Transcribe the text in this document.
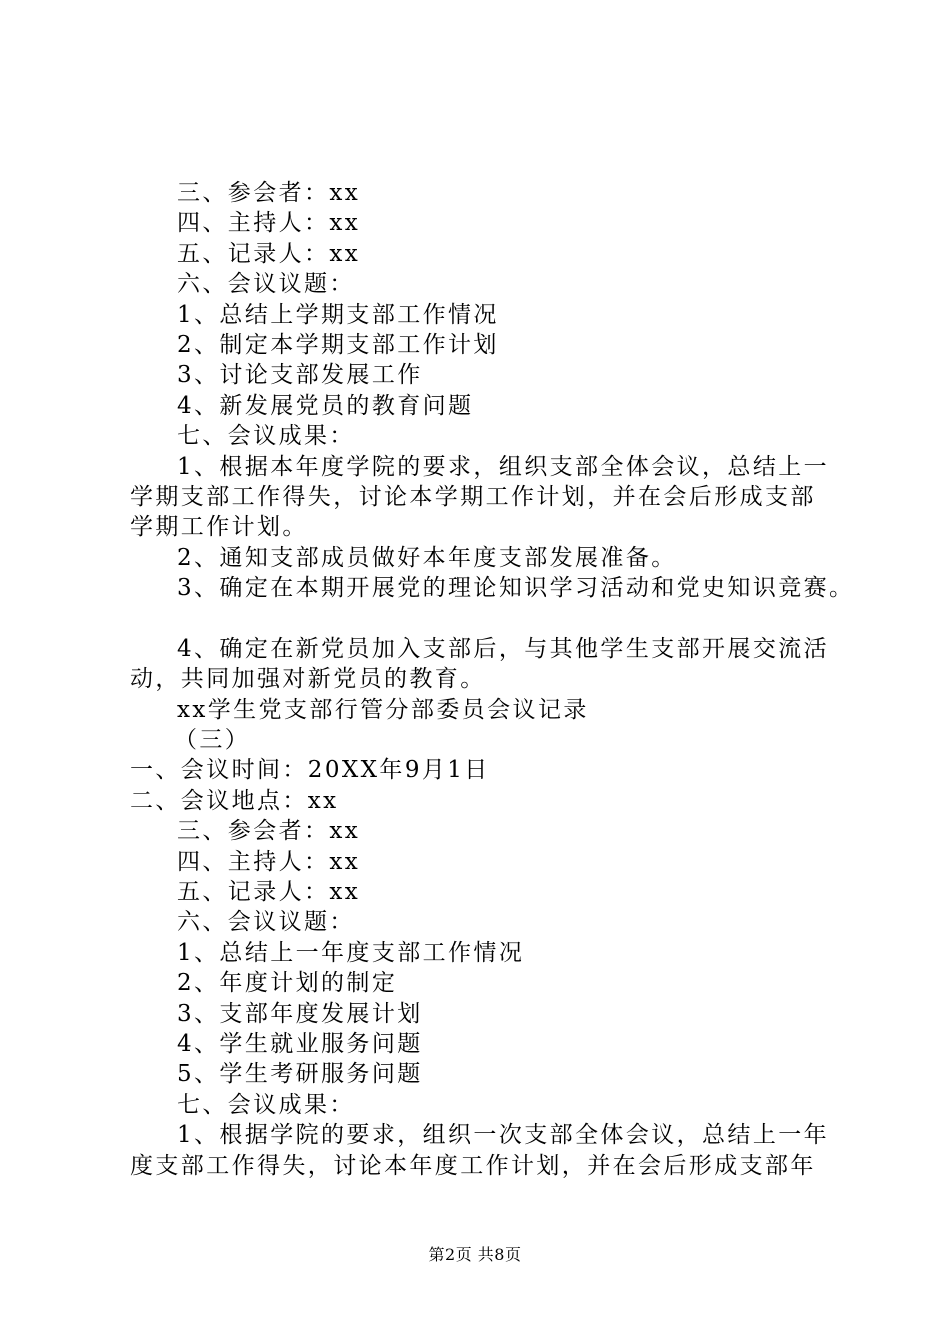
三、参会者：xx
四、主持人：xx
五、记录人：xx
六、会议议题：
1、总结上学期支部工作情况
2、制定本学期支部工作计划
3、讨论支部发展工作
4、新发展党员的教育问题
七、会议成果：
1、根据本年度学院的要求，组织支部全体会议，总结上一
学期支部工作得失，讨论本学期工作计划，并在会后形成支部
学期工作计划。
2、通知支部成员做好本年度支部发展准备。
3、确定在本期开展党的理论知识学习活动和党史知识竞赛。
4、确定在新党员加入支部后，与其他学生支部开展交流活
动，共同加强对新党员的教育。
xx学生党支部行管分部委员会议记录
（三）
一、会议时间：20XX年9月1日
二、会议地点：xx
三、参会者：xx
四、主持人：xx
五、记录人：xx
六、会议议题：
1、总结上一年度支部工作情况
2、年度计划的制定
3、支部年度发展计划
4、学生就业服务问题
5、学生考研服务问题
七、会议成果：
1、根据学院的要求，组织一次支部全体会议，总结上一年
度支部工作得失，讨论本年度工作计划，并在会后形成支部年
第2页 共8页
